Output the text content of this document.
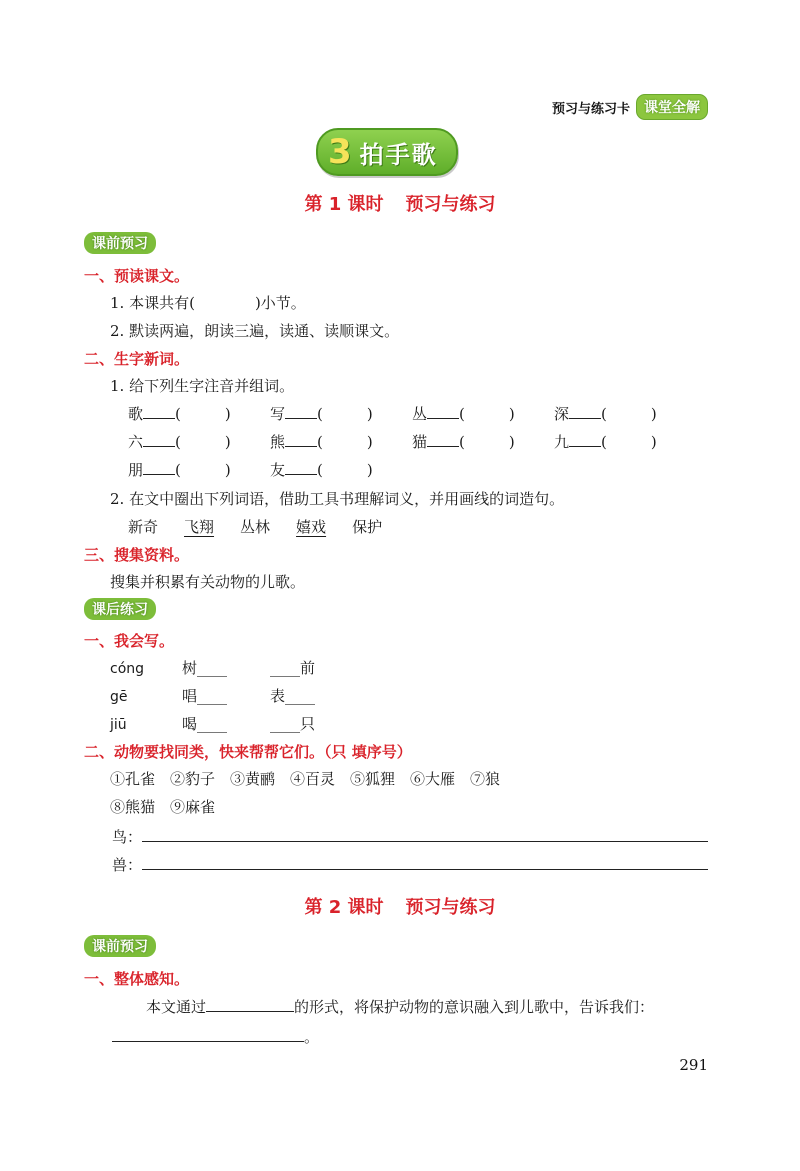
预习与练习卡	课堂全解
3 拍手歌
第 1 课时 预习与练习
课前预习
一、预读课文。
1. 本课共有(	)小节。
2. 默读两遍，朗读三遍，读通、读顺课文。
二、生字新词。
1. 给下列生字注音并组词。
歌 (	)	写 (	)	丛 (	)	深 (	)
六 (	)	熊 (	)	猫 (	)	九 (	)
朋 (	)	友 (	)
2. 在文中圈出下列词语，借助工具书理解词义，并用画线的词造句。
新奇 飞翔 丛林 嬉戏 保护
三、搜集资料。
搜集并积累有关动物的儿歌。
课后练习
一、我会写。
cóng	树____	____前
gē	唱____	表____
jiū	喝____	____只
二、动物要找同类，快来帮帮它们。（只 填序号）
①孔雀　②豹子　③黄鹂　④百灵　⑤狐狸　⑥大雁　⑦狼
⑧熊猫　⑨麻雀
鸟：
兽：
第 2 课时 预习与练习
课前预习
一、整体感知。
本文通过	的形式，将保护动物的意识融入到儿歌中，告诉我们：
。
291
